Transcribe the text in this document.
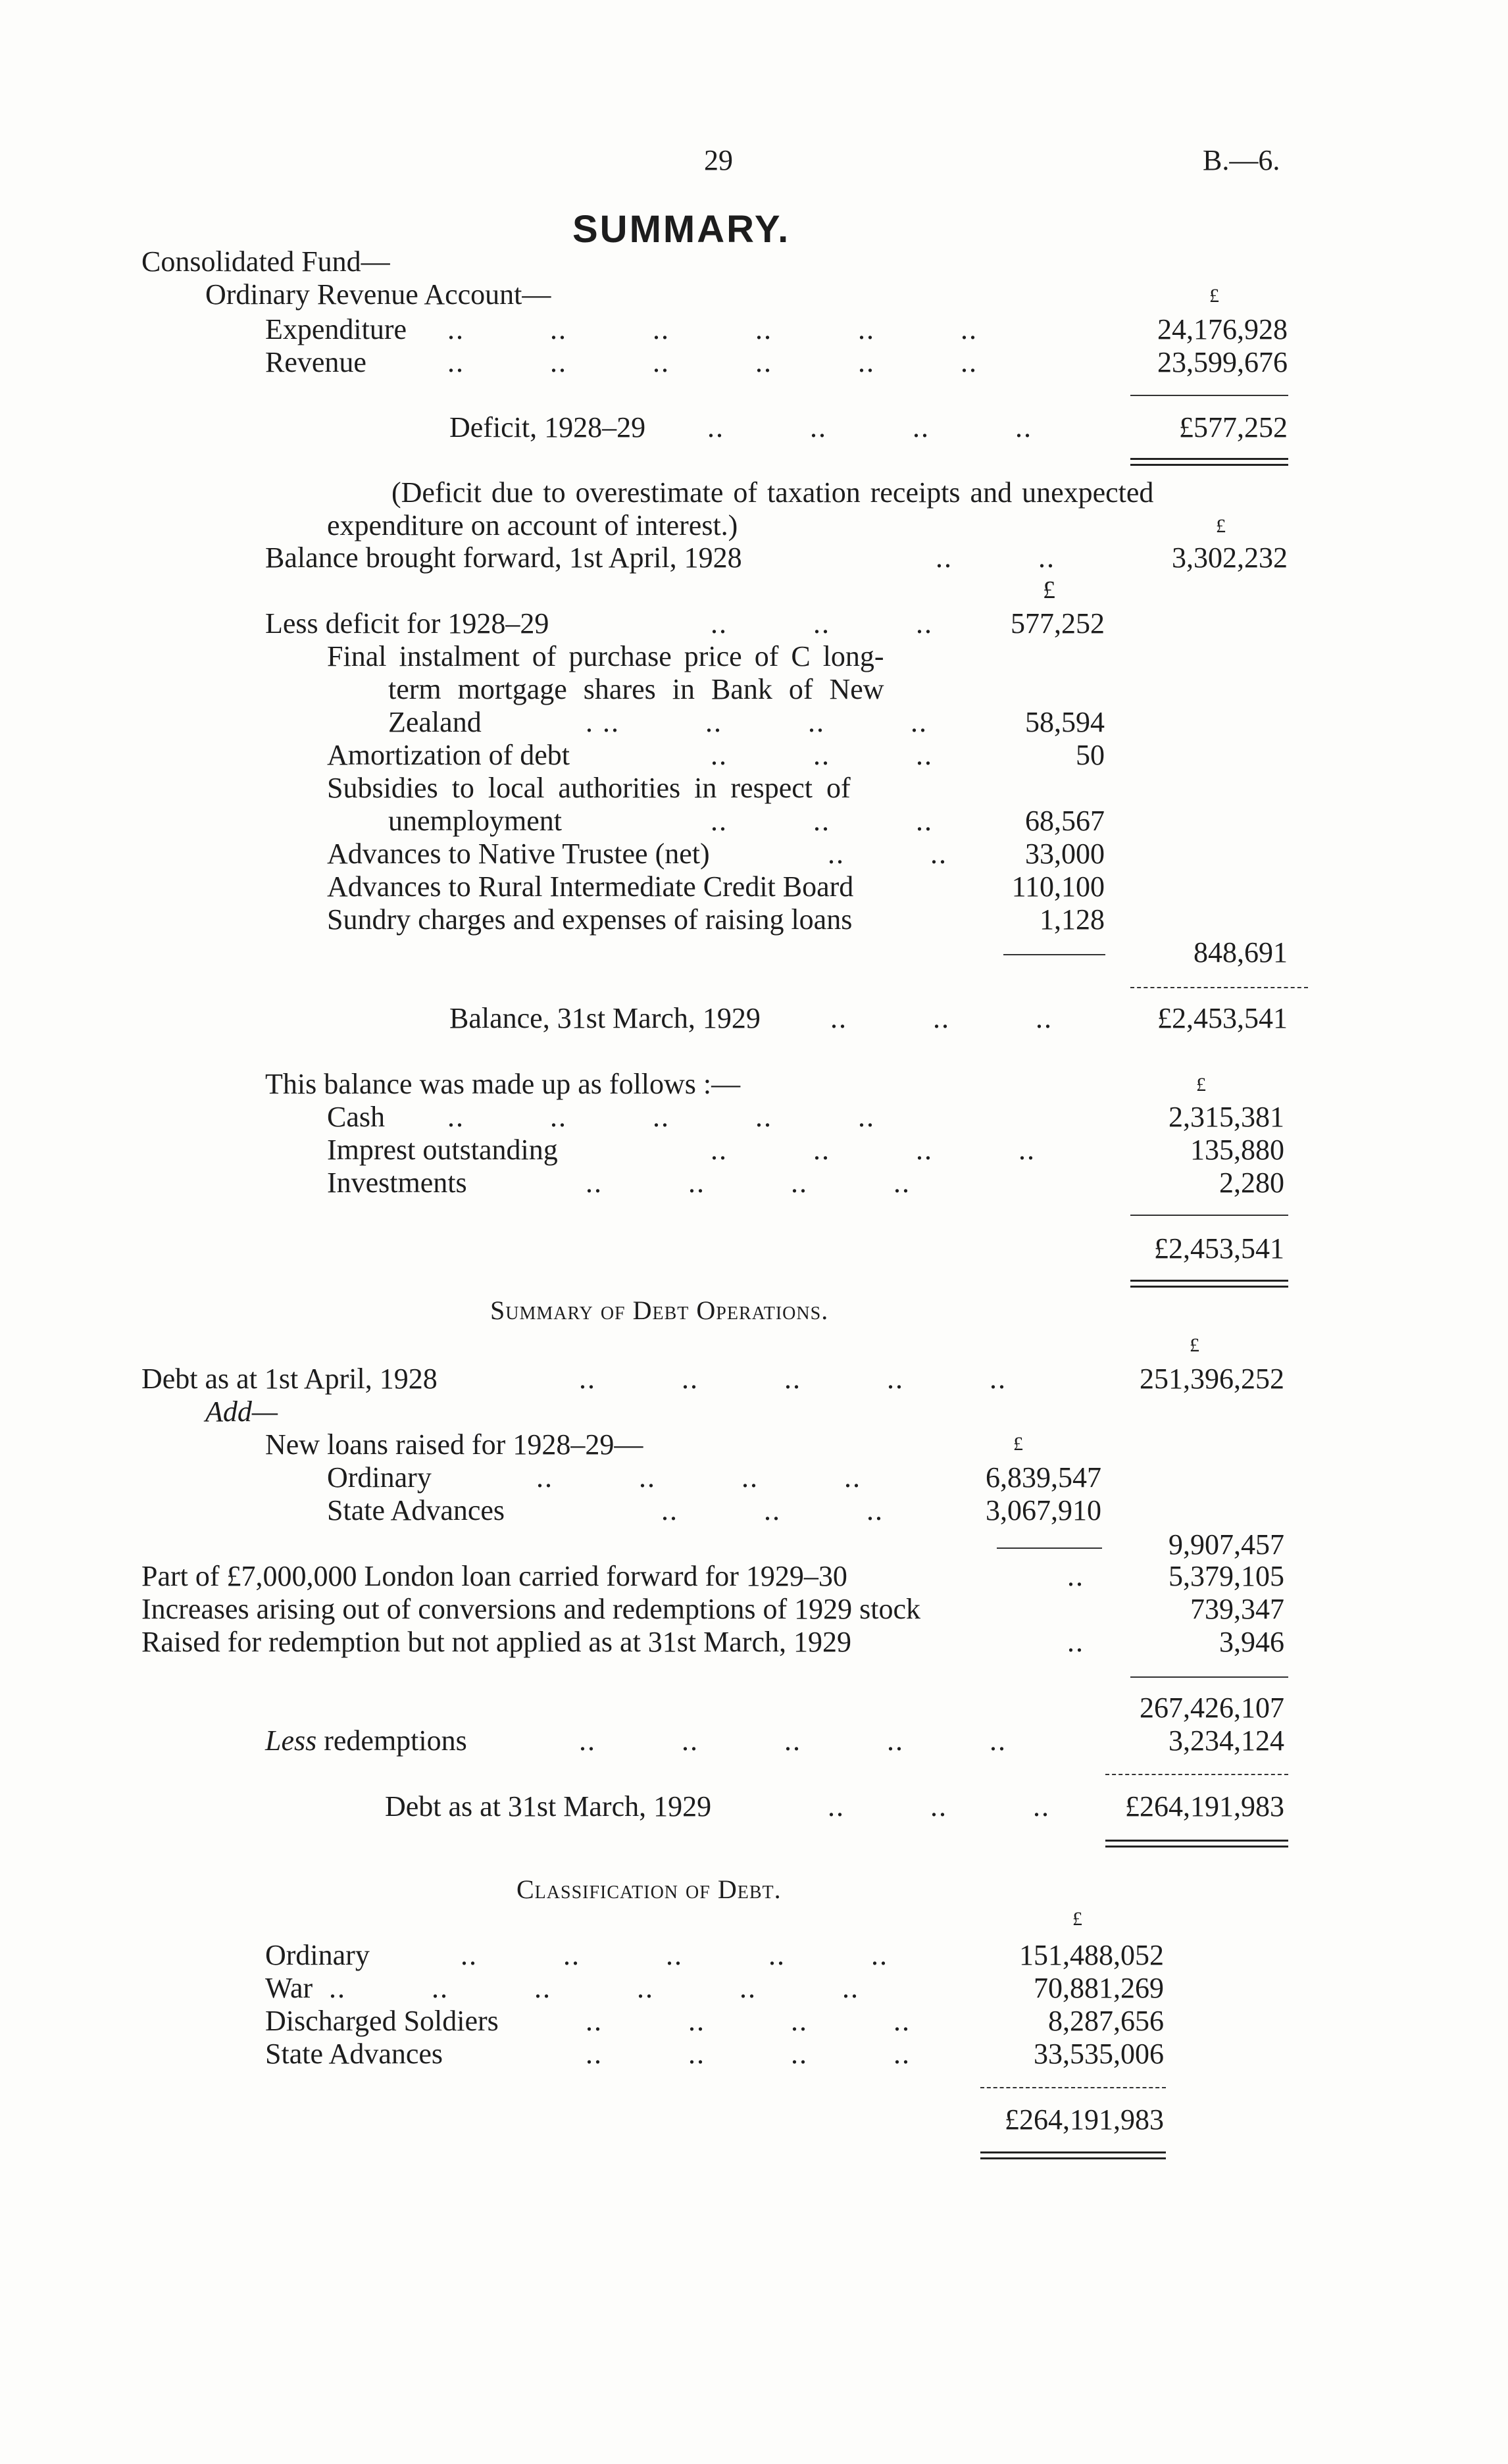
29	B.—6.
SUMMARY.
Consolidated Fund—
Ordinary Revenue Account—	£
Expenditure ..          ..          ..          ..          ..          ..	24,176,928
Revenue	..          ..          ..          ..          ..          ..	23,599,676
Deficit, 1928–29 ..          ..          ..          ..	£577,252
(Deficit due to overestimate of taxation receipts and unexpected
expenditure on account of interest.)	£
Balance brought forward, 1st April, 1928	..          ..	3,302,232
£
Less deficit for 1928–29	..          ..          ..	577,252
Final instalment of purchase price of C long-
term mortgage shares in Bank of New
Zealand	. ..          ..          ..          ..	58,594
Amortization of debt	..          ..          ..	50
Subsidies to local authorities in respect of
unemployment	..          ..          ..	68,567
Advances to Native Trustee (net)	..          ..	33,000
Advances to Rural Intermediate Credit Board	110,100
Sundry charges and expenses of raising loans	1,128
848,691
Balance, 31st March, 1929 ..          ..          ..	£2,453,541
This balance was made up as follows :—	£
Cash ..          ..          ..          ..          ..	2,315,381
Imprest outstanding	..          ..          ..          ..	135,880
Investments	..          ..          ..          ..	2,280
£2,453,541
Summary of Debt Operations.
£
Debt as at 1st April, 1928	..          ..          ..          ..          ..	251,396,252
Add—
New loans raised for 1928–29—	£
Ordinary	..          ..          ..          ..	6,839,547
State Advances	..          ..          ..	3,067,910
9,907,457
Part of £7,000,000 London loan carried forward for 1929–30	..	5,379,105
Increases arising out of conversions and redemptions of 1929 stock	739,347
Raised for redemption but not applied as at 31st March, 1929	..	3,946
267,426,107
Less redemptions	..          ..          ..          ..          ..	3,234,124
Debt as at 31st March, 1929	..          ..          ..	£264,191,983
Classification of Debt.
£
Ordinary	..          ..          ..          ..          ..	151,488,052
War ..          ..          ..          ..          ..          ..	70,881,269
Discharged Soldiers	..          ..          ..          ..	8,287,656
State Advances	..          ..          ..          ..	33,535,006
£264,191,983
